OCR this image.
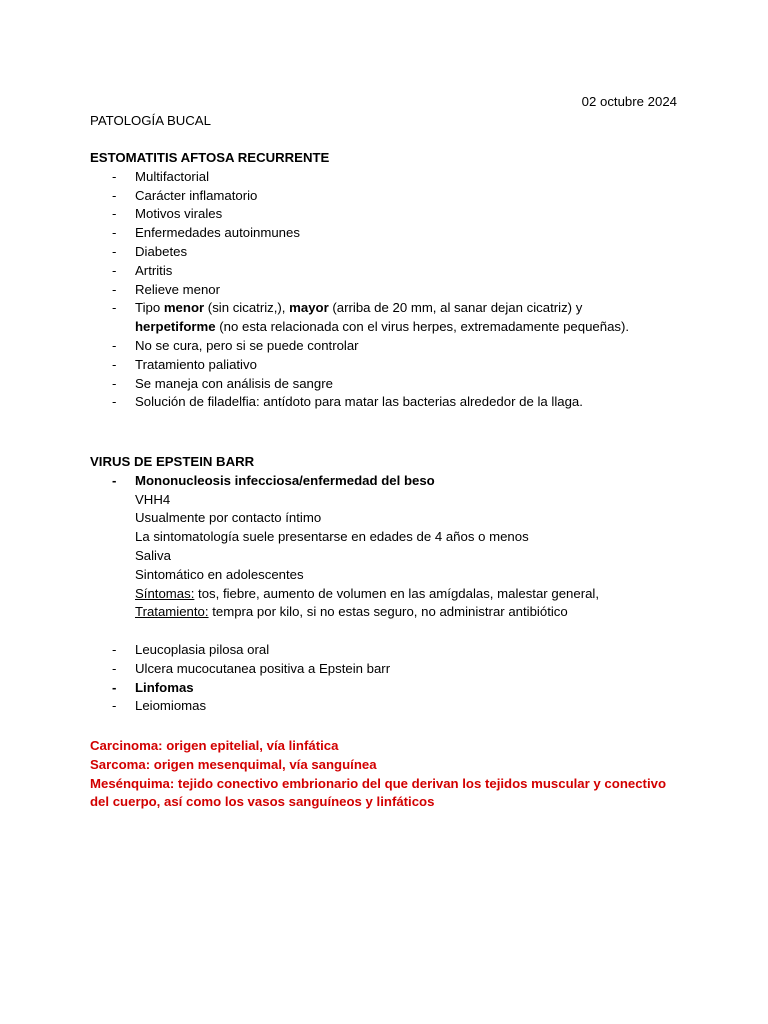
02 octubre 2024
PATOLOGÍA BUCAL

ESTOMATITIS AFTOSA RECURRENTE

- Multifactorial
- Carácter inflamatorio
- Motivos virales
- Enfermedades autoinmunes
- Diabetes
- Artritis
- Relieve menor
- Tipo menor (sin cicatriz,), mayor (arriba de 20 mm, al sanar dejan cicatriz) y
herpetiforme (no esta relacionada con el virus herpes, extremadamente pequeñas).
- No se cura, pero si se puede controlar
- Tratamiento paliativo
- Se maneja con análisis de sangre
- Solución de filadelfia: antídoto para matar las bacterias alrededor de la llaga.

VIRUS DE EPSTEIN BARR

- Mononucleosis infecciosa/enfermedad del beso
VHH4
Usualmente por contacto íntimo
La sintomatología suele presentarse en edades de 4 años o menos
Saliva
Sintomático en adolescentes
Síntomas: tos, fiebre, aumento de volumen en las amígdalas, malestar general,
Tratamiento: tempra por kilo, si no estas seguro, no administrar antibiótico
- Leucoplasia pilosa oral
- Ulcera mucocutanea positiva a Epstein barr
- Linfomas
- Leiomiomas

Carcinoma: origen epitelial, vía linfática

Sarcoma: origen mesenquimal, vía sanguínea

Mesénquima: tejido conectivo embrionario del que derivan los tejidos muscular y conectivo del cuerpo, así como los vasos sanguíneos y linfáticos
